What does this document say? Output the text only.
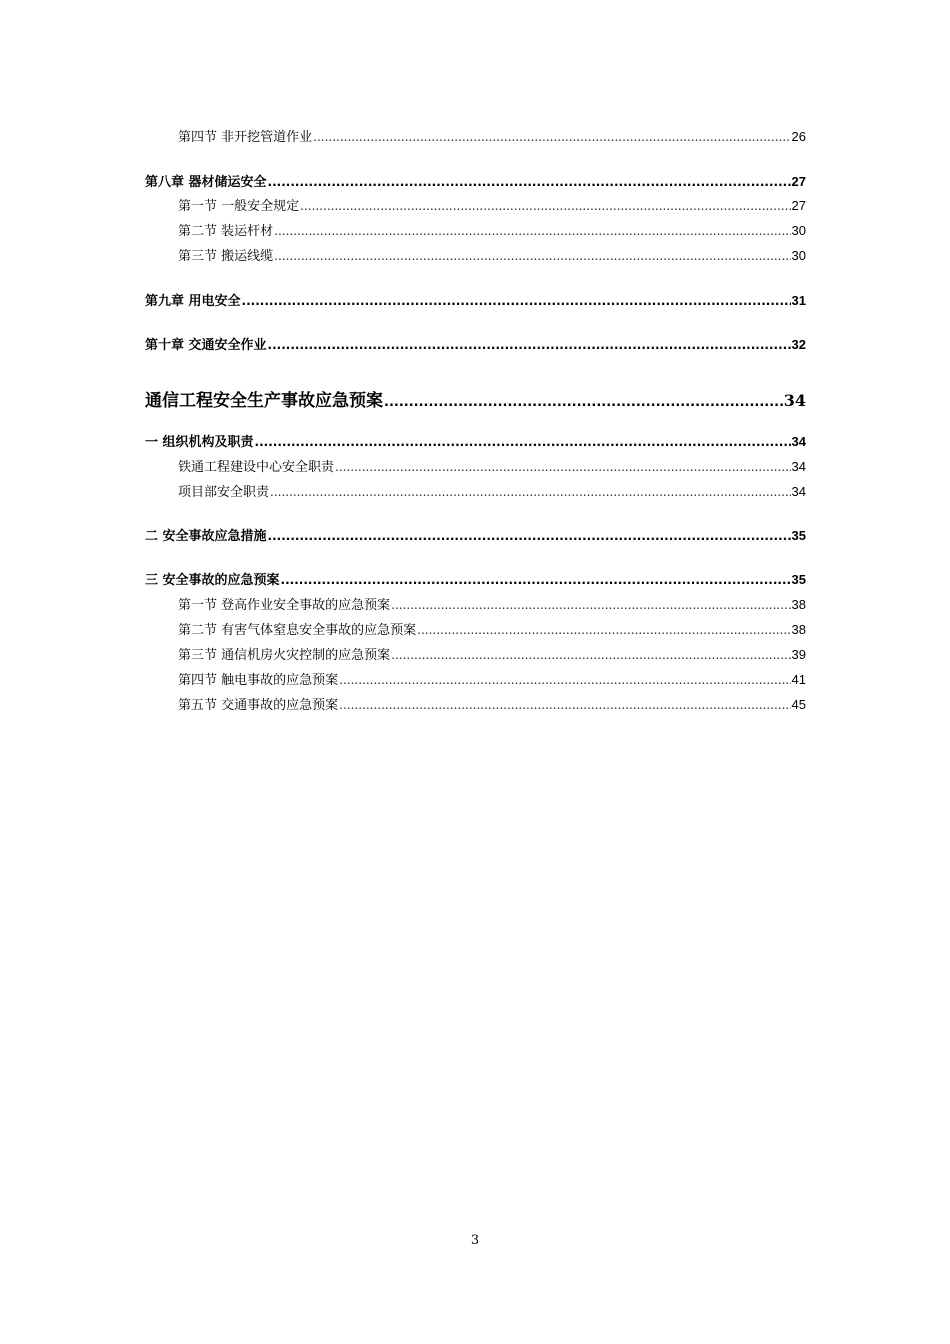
第四节 非开挖管道作业 .....	26
第八章 器材储运安全 .....	27
第一节 一般安全规定 .....	27
第二节 装运杆材 .....	30
第三节 搬运线缆 .....	30
第九章 用电安全 .....	31
第十章 交通安全作业 .....	32
通信工程安全生产事故应急预案 .....	34
一 组织机构及职责 .....	34
铁通工程建设中心安全职责 .....	34
项目部安全职责 .....	34
二 安全事故应急措施 .....	35
三 安全事故的应急预案 .....	35
第一节 登高作业安全事故的应急预案 .....	38
第二节 有害气体窒息安全事故的应急预案 .....	38
第三节 通信机房火灾控制的应急预案 .....	39
第四节 触电事故的应急预案 .....	41
第五节 交通事故的应急预案 .....	45
3
